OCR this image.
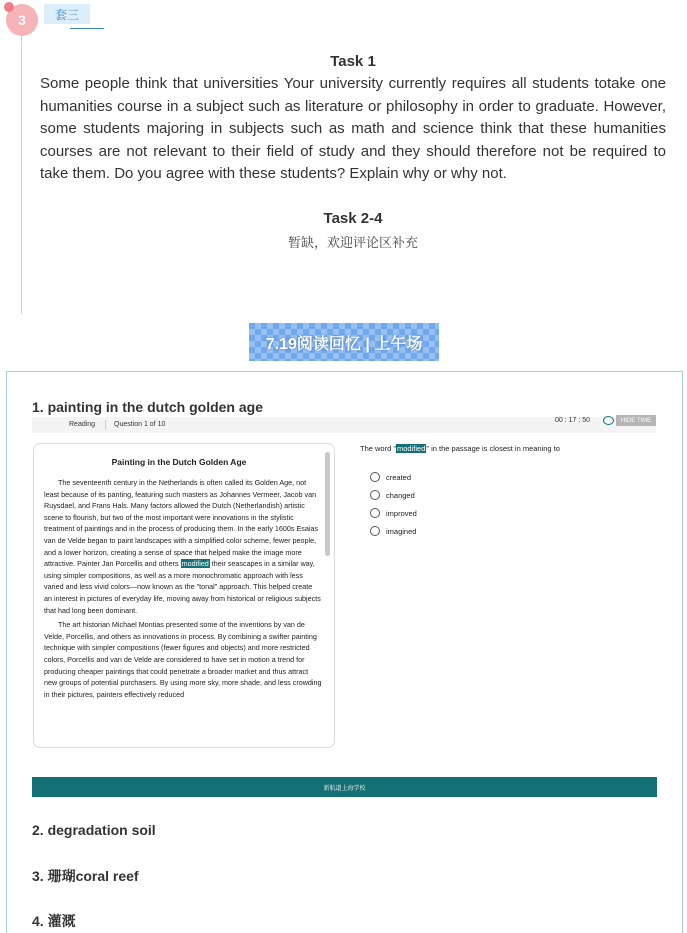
3	套三
Task 1
Some people think that universities Your university currently requires all students totake one humanities course in a subject such as literature or philosophy in order to graduate. However, some students majoring in subjects such as math and science think that these humanities courses are not relevant to their field of study and they should therefore not be required to take them. Do you agree with these students? Explain why or why not.
Task 2-4
暂缺，欢迎评论区补充
7.19阅读回忆 | 上午场
1. painting in the dutch golden age
Reading	Question 1 of 10
00 : 17 : 50	HIDE TIME
Painting in the Dutch Golden Age

The seventeenth century in the Netherlands is often called its Golden Age, not least because of its panting, featuring such masters as Johannes Vermeer, Jacob van Ruysdael, and Frans Hals. Many factors allowed the Dutch (Netherlandish) artistic scene to flourish, but two of the most important were innovations in the stylistic treatment of paintings and in the process of producing them. In the early 1600s Esaias van de Velde began to paint landscapes with a simplified color scheme, fewer people, and a lower horizon, creating a sense of space that helped make the image more attractive. Painter Jan Porcellis and others modified their seascapes in a similar way, using simpler compositions, as well as a more monochromatic approach with less varied and less vivid colors—now known as the "tonal" approach. This helped create an interest in pictures of everyday life, moving away from historical or religious subjects that had long been dominant.

The art historian Michael Montias presented some of the inventions by van de Velde, Porcellis, and others as innovations in process. By combining a swifter painting technique with simpler compositions (fewer figures and objects) and more restricted colors, Porcellis and van de Velde are considered to have set in motion a trend for producing cheaper paintings that could penetrate a broader market and thus attract new groups of potential purchasers. By using more sky, more shade, and less crowding in their pictures, painters effectively reduced

The word "modified" in the passage is closest in meaning to
created
changed
improved
imagined
新航道上海学校
2. degradation soil
3. 珊瑚coral reef
4. 灌溉
